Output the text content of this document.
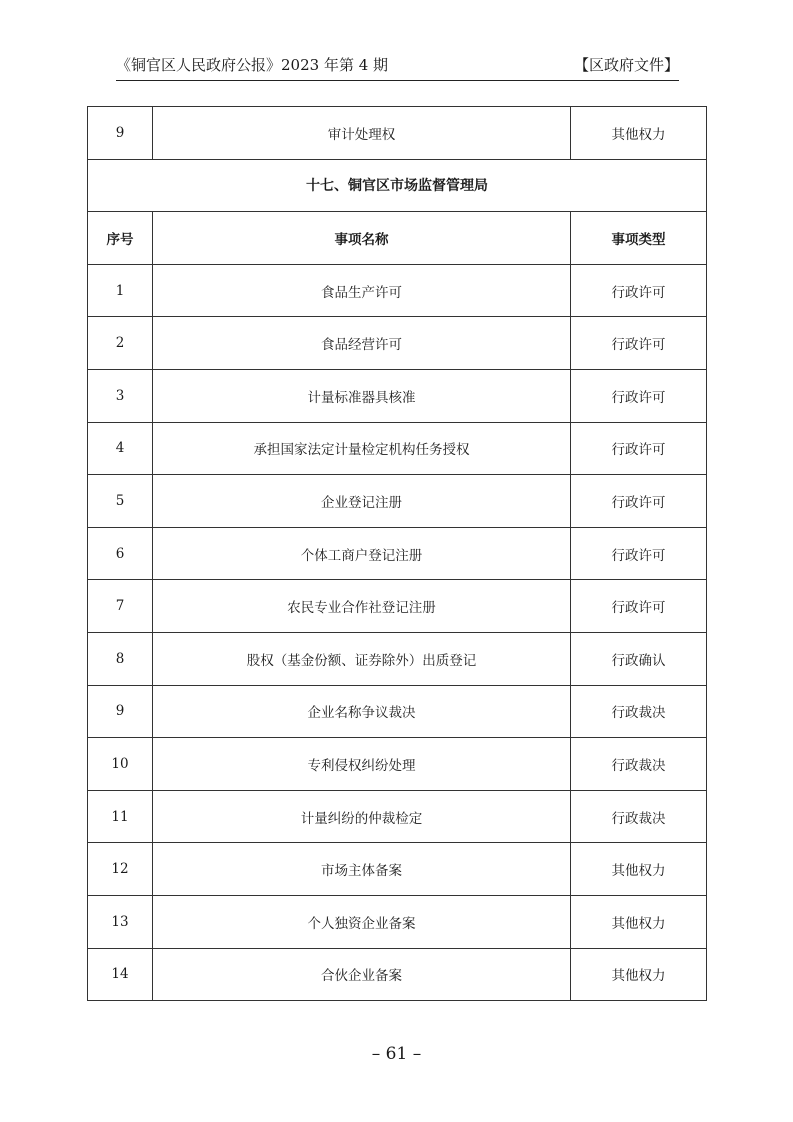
《铜官区人民政府公报》2023 年第 4 期	【区政府文件】
9	审计处理权	其他权力
十七、铜官区市场监督管理局		
序号	事项名称	事项类型
1	食品生产许可	行政许可
2	食品经营许可	行政许可
3	计量标准器具核准	行政许可
4	承担国家法定计量检定机构任务授权	行政许可
5	企业登记注册	行政许可
6	个体工商户登记注册	行政许可
7	农民专业合作社登记注册	行政许可
8	股权（基金份额、证券除外）出质登记	行政确认
9	企业名称争议裁决	行政裁决
10	专利侵权纠纷处理	行政裁决
11	计量纠纷的仲裁检定	行政裁决
12	市场主体备案	其他权力
13	个人独资企业备案	其他权力
14	合伙企业备案	其他权力
– 61 –
